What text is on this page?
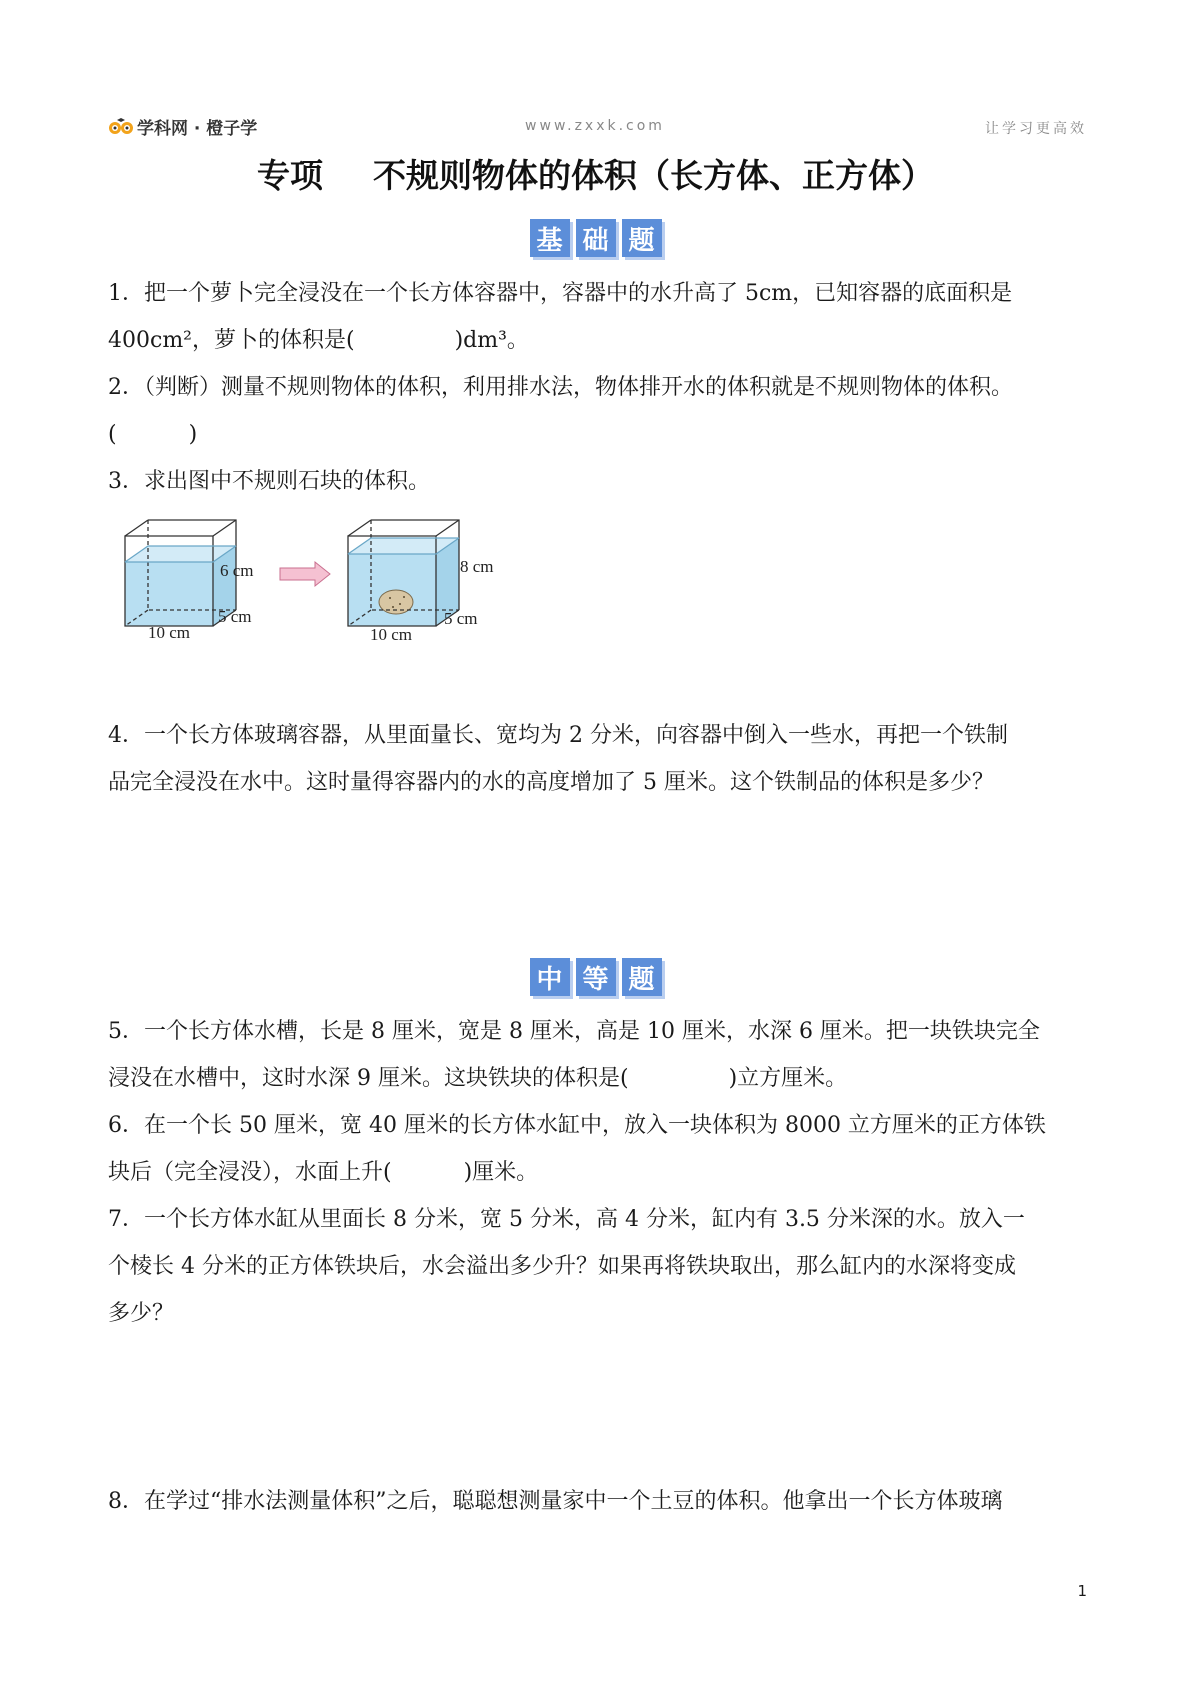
学科网 · 橙子学	www.zxxk.com	让学习更高效
专项 不规则物体的体积（长方体、正方体）
基 础 题

1．把一个萝卜完全浸没在一个长方体容器中，容器中的水升高了 5cm，已知容器的底面积是

400cm²，萝卜的体积是(	)dm³。

2．（判断）测量不规则物体的体积，利用排水法，物体排开水的体积就是不规则物体的体积。

(	)

3．求出图中不规则石块的体积。

6 cm
5 cm
10 cm
8 cm
5 cm
10 cm

4．一个长方体玻璃容器，从里面量长、宽均为 2 分米，向容器中倒入一些水，再把一个铁制

品完全浸没在水中。这时量得容器内的水的高度增加了 5 厘米。这个铁制品的体积是多少？

中 等 题

5．一个长方体水槽，长是 8 厘米，宽是 8 厘米，高是 10 厘米，水深 6 厘米。把一块铁块完全

浸没在水槽中，这时水深 9 厘米。这块铁块的体积是(	)立方厘米。

6．在一个长 50 厘米，宽 40 厘米的长方体水缸中，放入一块体积为 8000 立方厘米的正方体铁

块后（完全浸没），水面上升(	)厘米。

7．一个长方体水缸从里面长 8 分米，宽 5 分米，高 4 分米，缸内有 3.5 分米深的水。放入一

个棱长 4 分米的正方体铁块后，水会溢出多少升？如果再将铁块取出，那么缸内的水深将变成

多少？

8．在学过“排水法测量体积”之后，聪聪想测量家中一个土豆的体积。他拿出一个长方体玻璃

1
